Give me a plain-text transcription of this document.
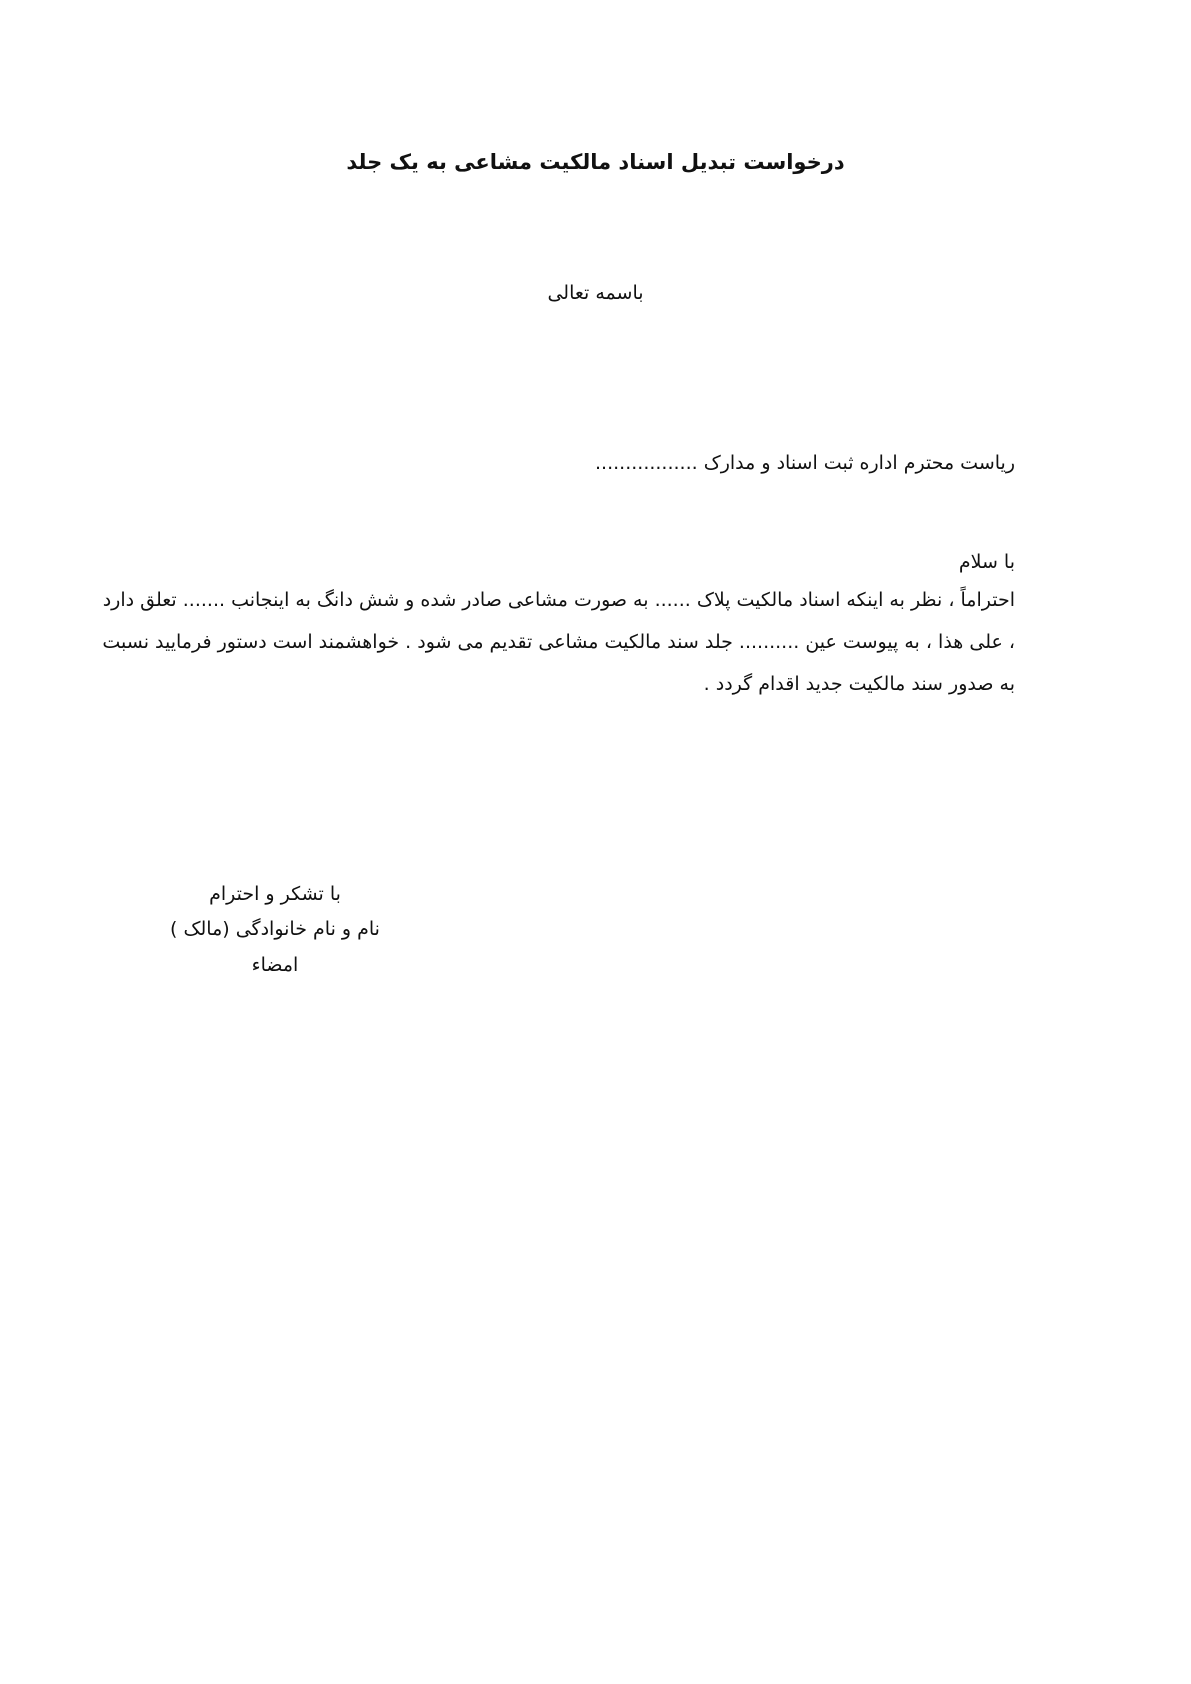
درخواست تبدیل اسناد مالکیت مشاعی به یک جلد
باسمه تعالی
ریاست محترم اداره ثبت اسناد و مدارک .................
با سلام
احتراماً ، نظر به اینکه اسناد مالکیت پلاک ...... به صورت مشاعی صادر شده و شش دانگ به اینجانب ....... تعلق دارد
، علی هذا ، به پیوست عین .......... جلد سند مالکیت مشاعی تقدیم می شود . خواهشمند است دستور فرمایید نسبت
به صدور سند مالکیت جدید اقدام گردد .
با تشکر و احترام
نام و نام خانوادگی (مالک )
امضاء
